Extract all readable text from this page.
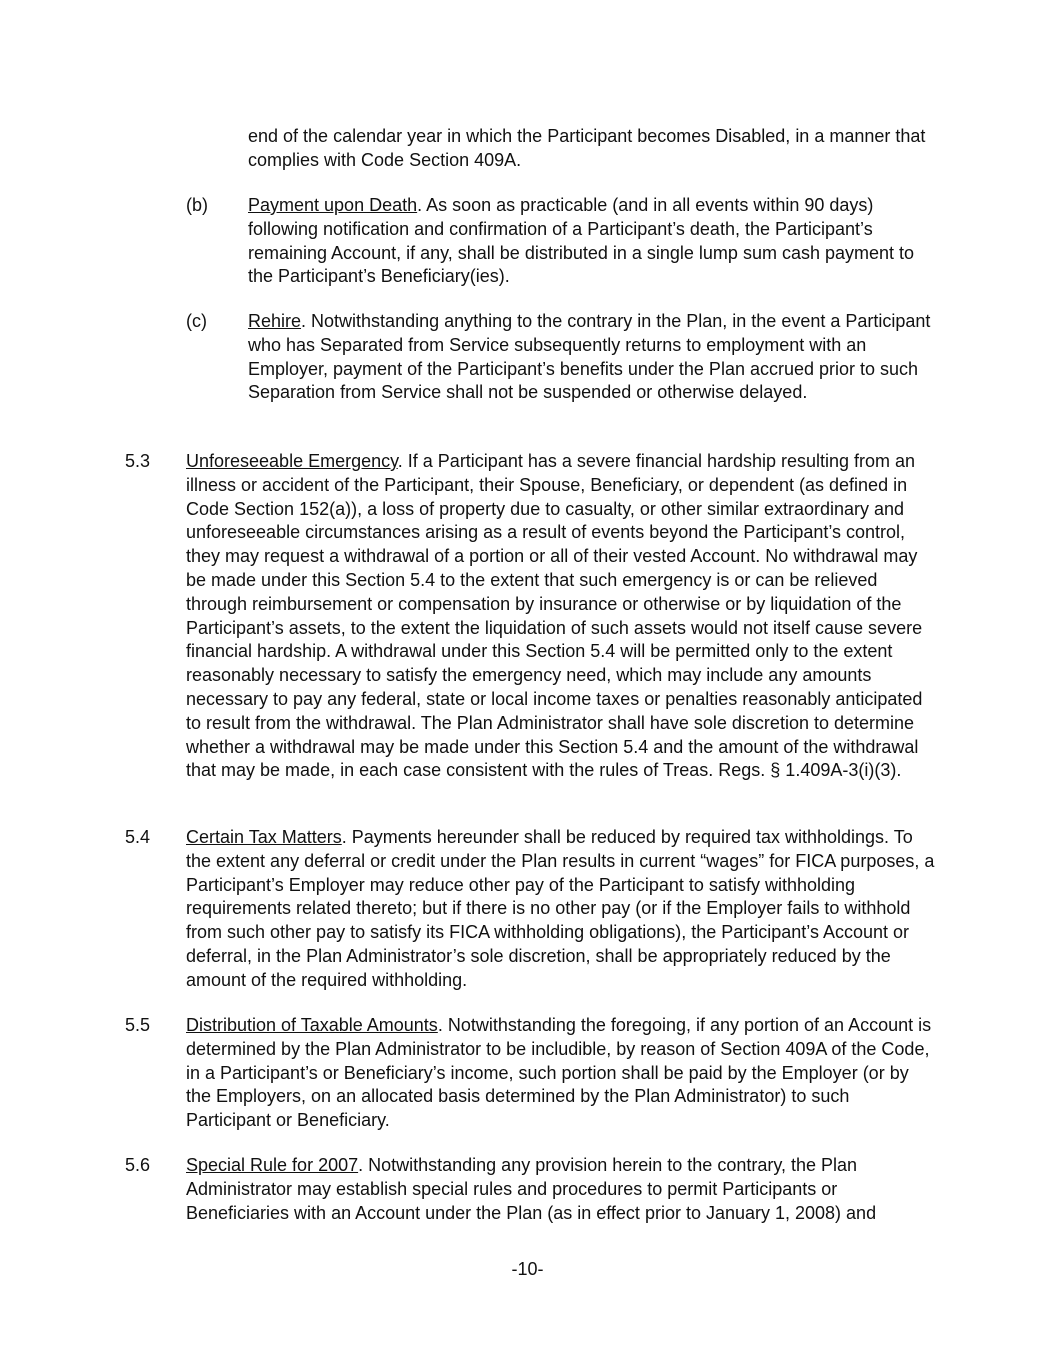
end of the calendar year in which the Participant becomes Disabled, in a manner that complies with Code Section 409A.
(b) Payment upon Death. As soon as practicable (and in all events within 90 days) following notification and confirmation of a Participant’s death, the Participant’s remaining Account, if any, shall be distributed in a single lump sum cash payment to the Participant’s Beneficiary(ies).
(c) Rehire. Notwithstanding anything to the contrary in the Plan, in the event a Participant who has Separated from Service subsequently returns to employment with an Employer, payment of the Participant’s benefits under the Plan accrued prior to such Separation from Service shall not be suspended or otherwise delayed.
5.3 Unforeseeable Emergency. If a Participant has a severe financial hardship resulting from an illness or accident of the Participant, their Spouse, Beneficiary, or dependent (as defined in Code Section 152(a)), a loss of property due to casualty, or other similar extraordinary and unforeseeable circumstances arising as a result of events beyond the Participant’s control, they may request a withdrawal of a portion or all of their vested Account. No withdrawal may be made under this Section 5.4 to the extent that such emergency is or can be relieved through reimbursement or compensation by insurance or otherwise or by liquidation of the Participant’s assets, to the extent the liquidation of such assets would not itself cause severe financial hardship. A withdrawal under this Section 5.4 will be permitted only to the extent reasonably necessary to satisfy the emergency need, which may include any amounts necessary to pay any federal, state or local income taxes or penalties reasonably anticipated to result from the withdrawal. The Plan Administrator shall have sole discretion to determine whether a withdrawal may be made under this Section 5.4 and the amount of the withdrawal that may be made, in each case consistent with the rules of Treas. Regs. § 1.409A-3(i)(3).
5.4 Certain Tax Matters. Payments hereunder shall be reduced by required tax withholdings. To the extent any deferral or credit under the Plan results in current “wages” for FICA purposes, a Participant’s Employer may reduce other pay of the Participant to satisfy withholding requirements related thereto; but if there is no other pay (or if the Employer fails to withhold from such other pay to satisfy its FICA withholding obligations), the Participant’s Account or deferral, in the Plan Administrator’s sole discretion, shall be appropriately reduced by the amount of the required withholding.
5.5 Distribution of Taxable Amounts. Notwithstanding the foregoing, if any portion of an Account is determined by the Plan Administrator to be includible, by reason of Section 409A of the Code, in a Participant’s or Beneficiary’s income, such portion shall be paid by the Employer (or by the Employers, on an allocated basis determined by the Plan Administrator) to such Participant or Beneficiary.
5.6 Special Rule for 2007. Notwithstanding any provision herein to the contrary, the Plan Administrator may establish special rules and procedures to permit Participants or Beneficiaries with an Account under the Plan (as in effect prior to January 1, 2008) and
-10-
